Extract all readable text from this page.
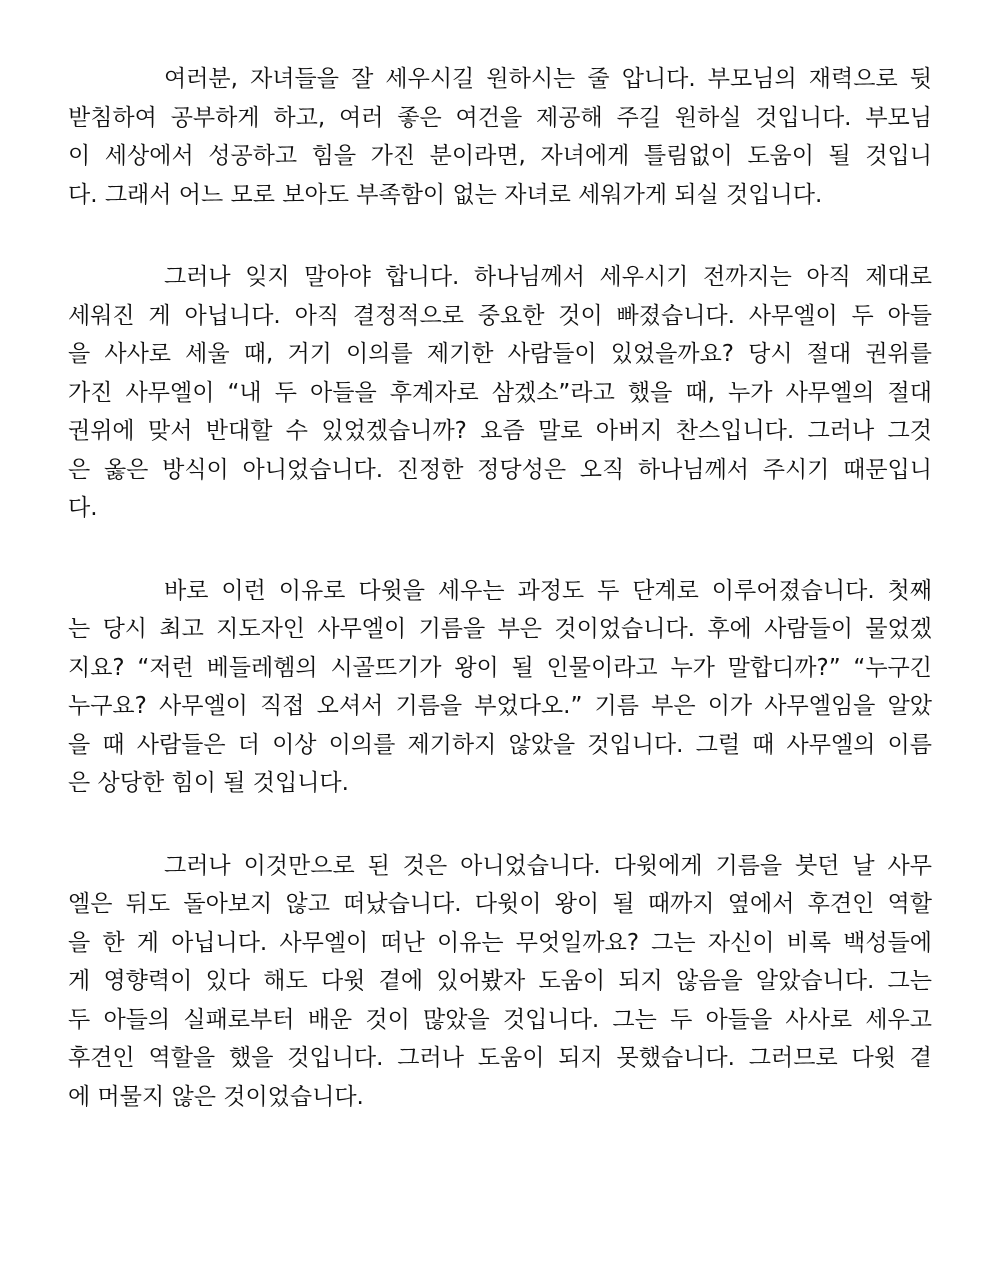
여러분, 자녀들을 잘 세우시길 원하시는 줄 압니다. 부모님의 재력으로 뒷
받침하여 공부하게 하고, 여러 좋은 여건을 제공해 주길 원하실 것입니다. 부모님
이 세상에서 성공하고 힘을 가진 분이라면, 자녀에게 틀림없이 도움이 될 것입니
다. 그래서 어느 모로 보아도 부족함이 없는 자녀로 세워가게 되실 것입니다.
그러나 잊지 말아야 합니다. 하나님께서 세우시기 전까지는 아직 제대로
세워진 게 아닙니다. 아직 결정적으로 중요한 것이 빠졌습니다. 사무엘이 두 아들
을 사사로 세울 때, 거기 이의를 제기한 사람들이 있었을까요? 당시 절대 권위를
가진 사무엘이 “내 두 아들을 후계자로 삼겠소”라고 했을 때, 누가 사무엘의 절대
권위에 맞서 반대할 수 있었겠습니까? 요즘 말로 아버지 찬스입니다. 그러나 그것
은 옳은 방식이 아니었습니다. 진정한 정당성은 오직 하나님께서 주시기 때문입니
다.
바로 이런 이유로 다윗을 세우는 과정도 두 단계로 이루어졌습니다. 첫째
는 당시 최고 지도자인 사무엘이 기름을 부은 것이었습니다. 후에 사람들이 물었겠
지요? “저런 베들레헴의 시골뜨기가 왕이 될 인물이라고 누가 말합디까?” “누구긴
누구요? 사무엘이 직접 오셔서 기름을 부었다오.” 기름 부은 이가 사무엘임을 알았
을 때 사람들은 더 이상 이의를 제기하지 않았을 것입니다. 그럴 때 사무엘의 이름
은 상당한 힘이 될 것입니다.
그러나 이것만으로 된 것은 아니었습니다. 다윗에게 기름을 붓던 날 사무
엘은 뒤도 돌아보지 않고 떠났습니다. 다윗이 왕이 될 때까지 옆에서 후견인 역할
을 한 게 아닙니다. 사무엘이 떠난 이유는 무엇일까요? 그는 자신이 비록 백성들에
게 영향력이 있다 해도 다윗 곁에 있어봤자 도움이 되지 않음을 알았습니다. 그는
두 아들의 실패로부터 배운 것이 많았을 것입니다. 그는 두 아들을 사사로 세우고
후견인 역할을 했을 것입니다. 그러나 도움이 되지 못했습니다. 그러므로 다윗 곁
에 머물지 않은 것이었습니다.
